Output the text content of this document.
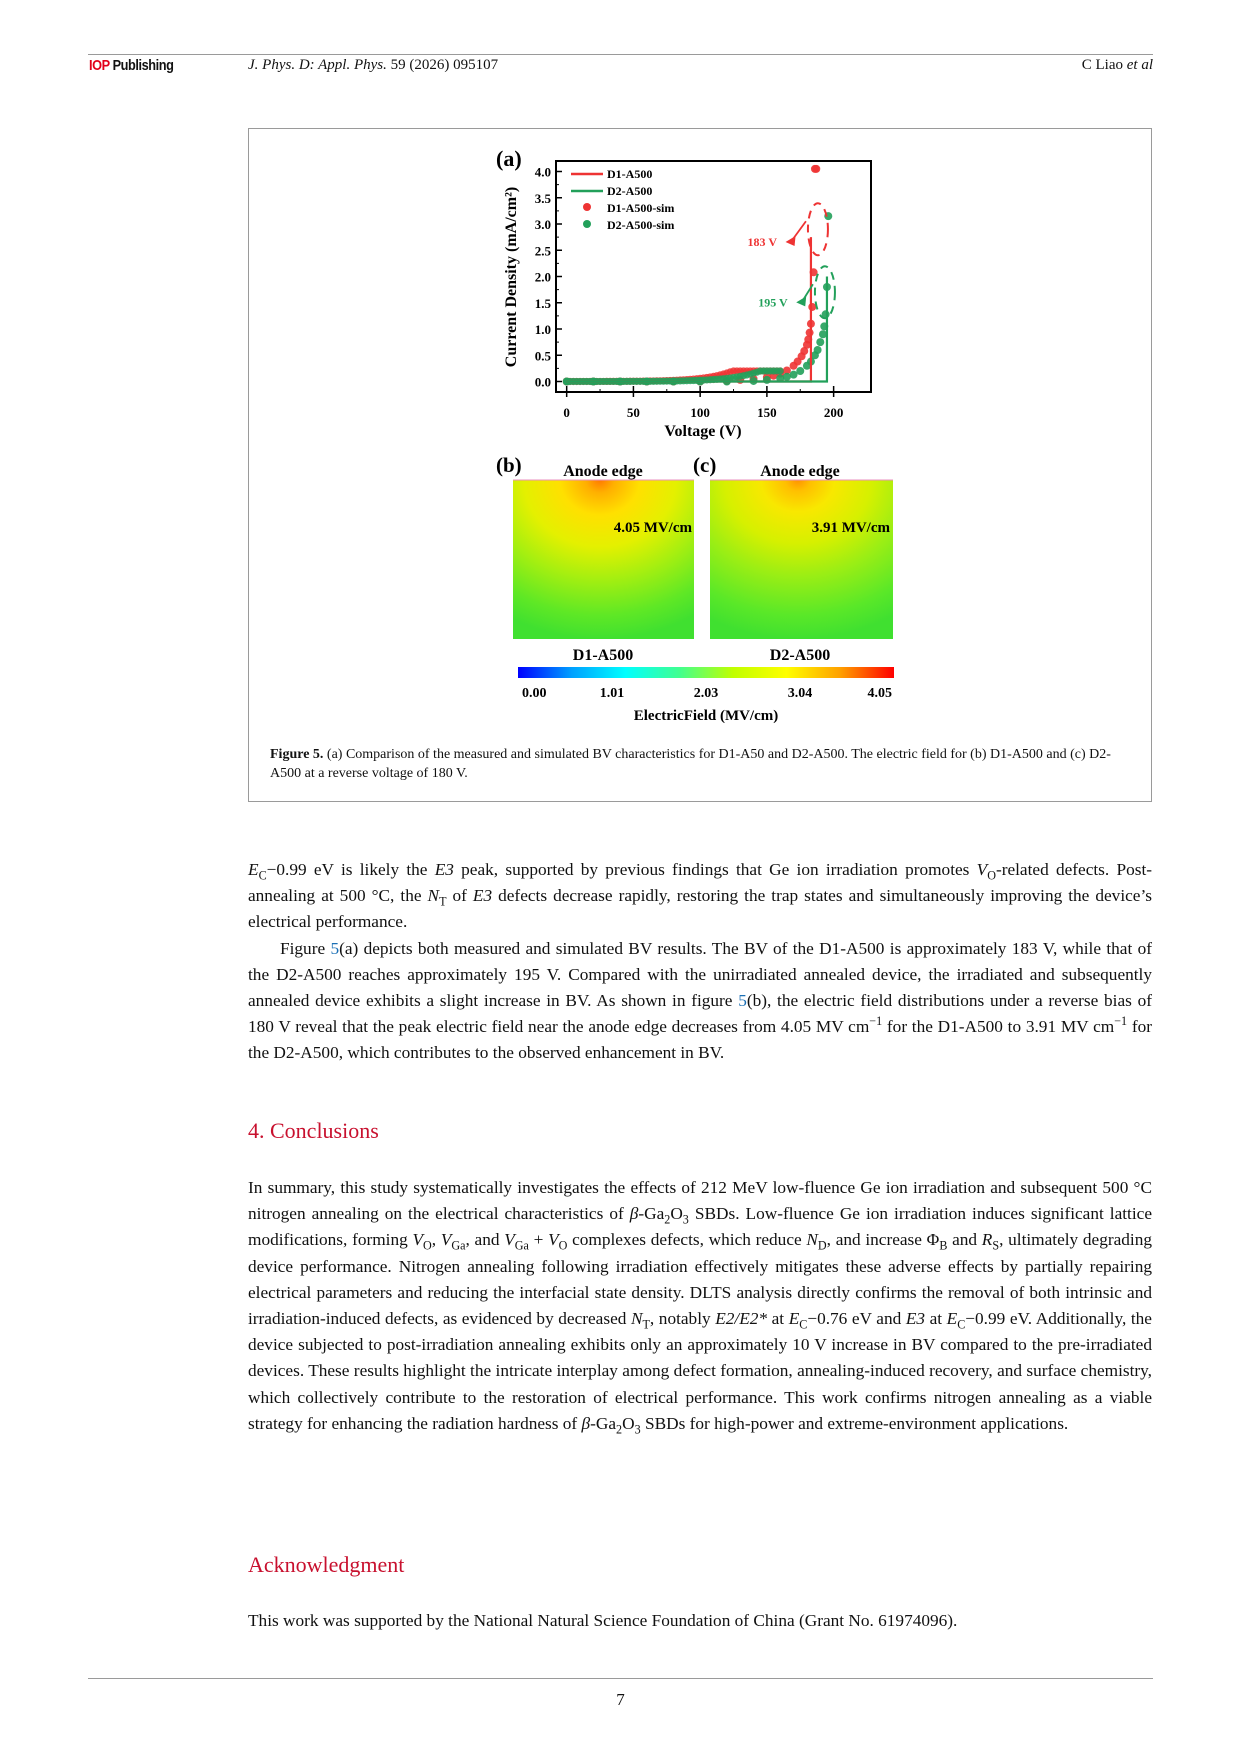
IOP Publishing	J. Phys. D: Appl. Phys. 59 (2026) 095107	C Liao et al
(a)
0.0
0.5
1.0
1.5
2.0
2.5
3.0
3.5
4.0
0	50	100	150	200
D1-A500
D2-A500
D1-A500-sim
D2-A500-sim
183 V
195 V
Current Density (mA/cm²)
Voltage (V)
(b)	(c)
Anode edge
4.05 MV/cm
D1-A500
Anode edge
3.91 MV/cm
D2-A500
0.00	1.01	2.03	3.04	4.05
ElectricField (MV/cm)
Figure 5. (a) Comparison of the measured and simulated BV characteristics for D1-A50 and D2-A500. The electric field for (b) D1-A500 and (c) D2-A500 at a reverse voltage of 180 V.

$E_C-0.99$ eV is likely the E3 peak, supported by previous findings that Ge ion irradiation promotes $V_O$-related defects. Post-annealing at 500 °C, the $N_T$ of E3 defects decrease rapidly, restoring the trap states and simultaneously improving the device’s electrical performance.

Figure 5(a) depicts both measured and simulated BV results. The BV of the D1-A500 is approximately 183 V, while that of the D2-A500 reaches approximately 195 V. Compared with the unirradiated annealed device, the irradiated and subsequently annealed device exhibits a slight increase in BV. As shown in figure 5(b), the electric field distributions under a reverse bias of 180 V reveal that the peak electric field near the anode edge decreases from 4.05 MV $cm^{-1}$ for the D1-A500 to 3.91 MV $cm^{-1}$ for the D2-A500, which contributes to the observed enhancement in BV.

4. Conclusions

In summary, this study systematically investigates the effects of 212 MeV low-fluence Ge ion irradiation and subsequent 500 °C nitrogen annealing on the electrical characteristics of $\beta-Ga_2O_3$ SBDs. Low-fluence Ge ion irradiation induces significant lattice modifications, forming $V_O$, $V_{Ga}$, and $V_{Ga} + V_O$ complexes defects, which reduce $N_D$, and increase $\Phi_B$ and $R_S$, ultimately degrading device performance. Nitrogen annealing following irradiation effectively mitigates these adverse effects by partially repairing electrical parameters and reducing the interfacial state density. DLTS analysis directly confirms the removal of both intrinsic and irradiation-induced defects, as evidenced by decreased $N_T$, notably E2/E2* at $E_C-0.76$ eV and E3 at $E_C-0.99$ eV. Additionally, the device subjected to post-irradiation annealing exhibits only an approximately 10 V increase in BV compared to the pre-irradiated devices. These results highlight the intricate interplay among defect formation, annealing-induced recovery, and surface chemistry, which collectively contribute to the restoration of electrical performance. This work confirms nitrogen annealing as a viable strategy for enhancing the radiation hardness of $\beta-Ga_2O_3$ SBDs for high-power and extreme-environment applications.

Acknowledgment
This work was supported by the National Natural Science Foundation of China (Grant No. 61974096).
7
